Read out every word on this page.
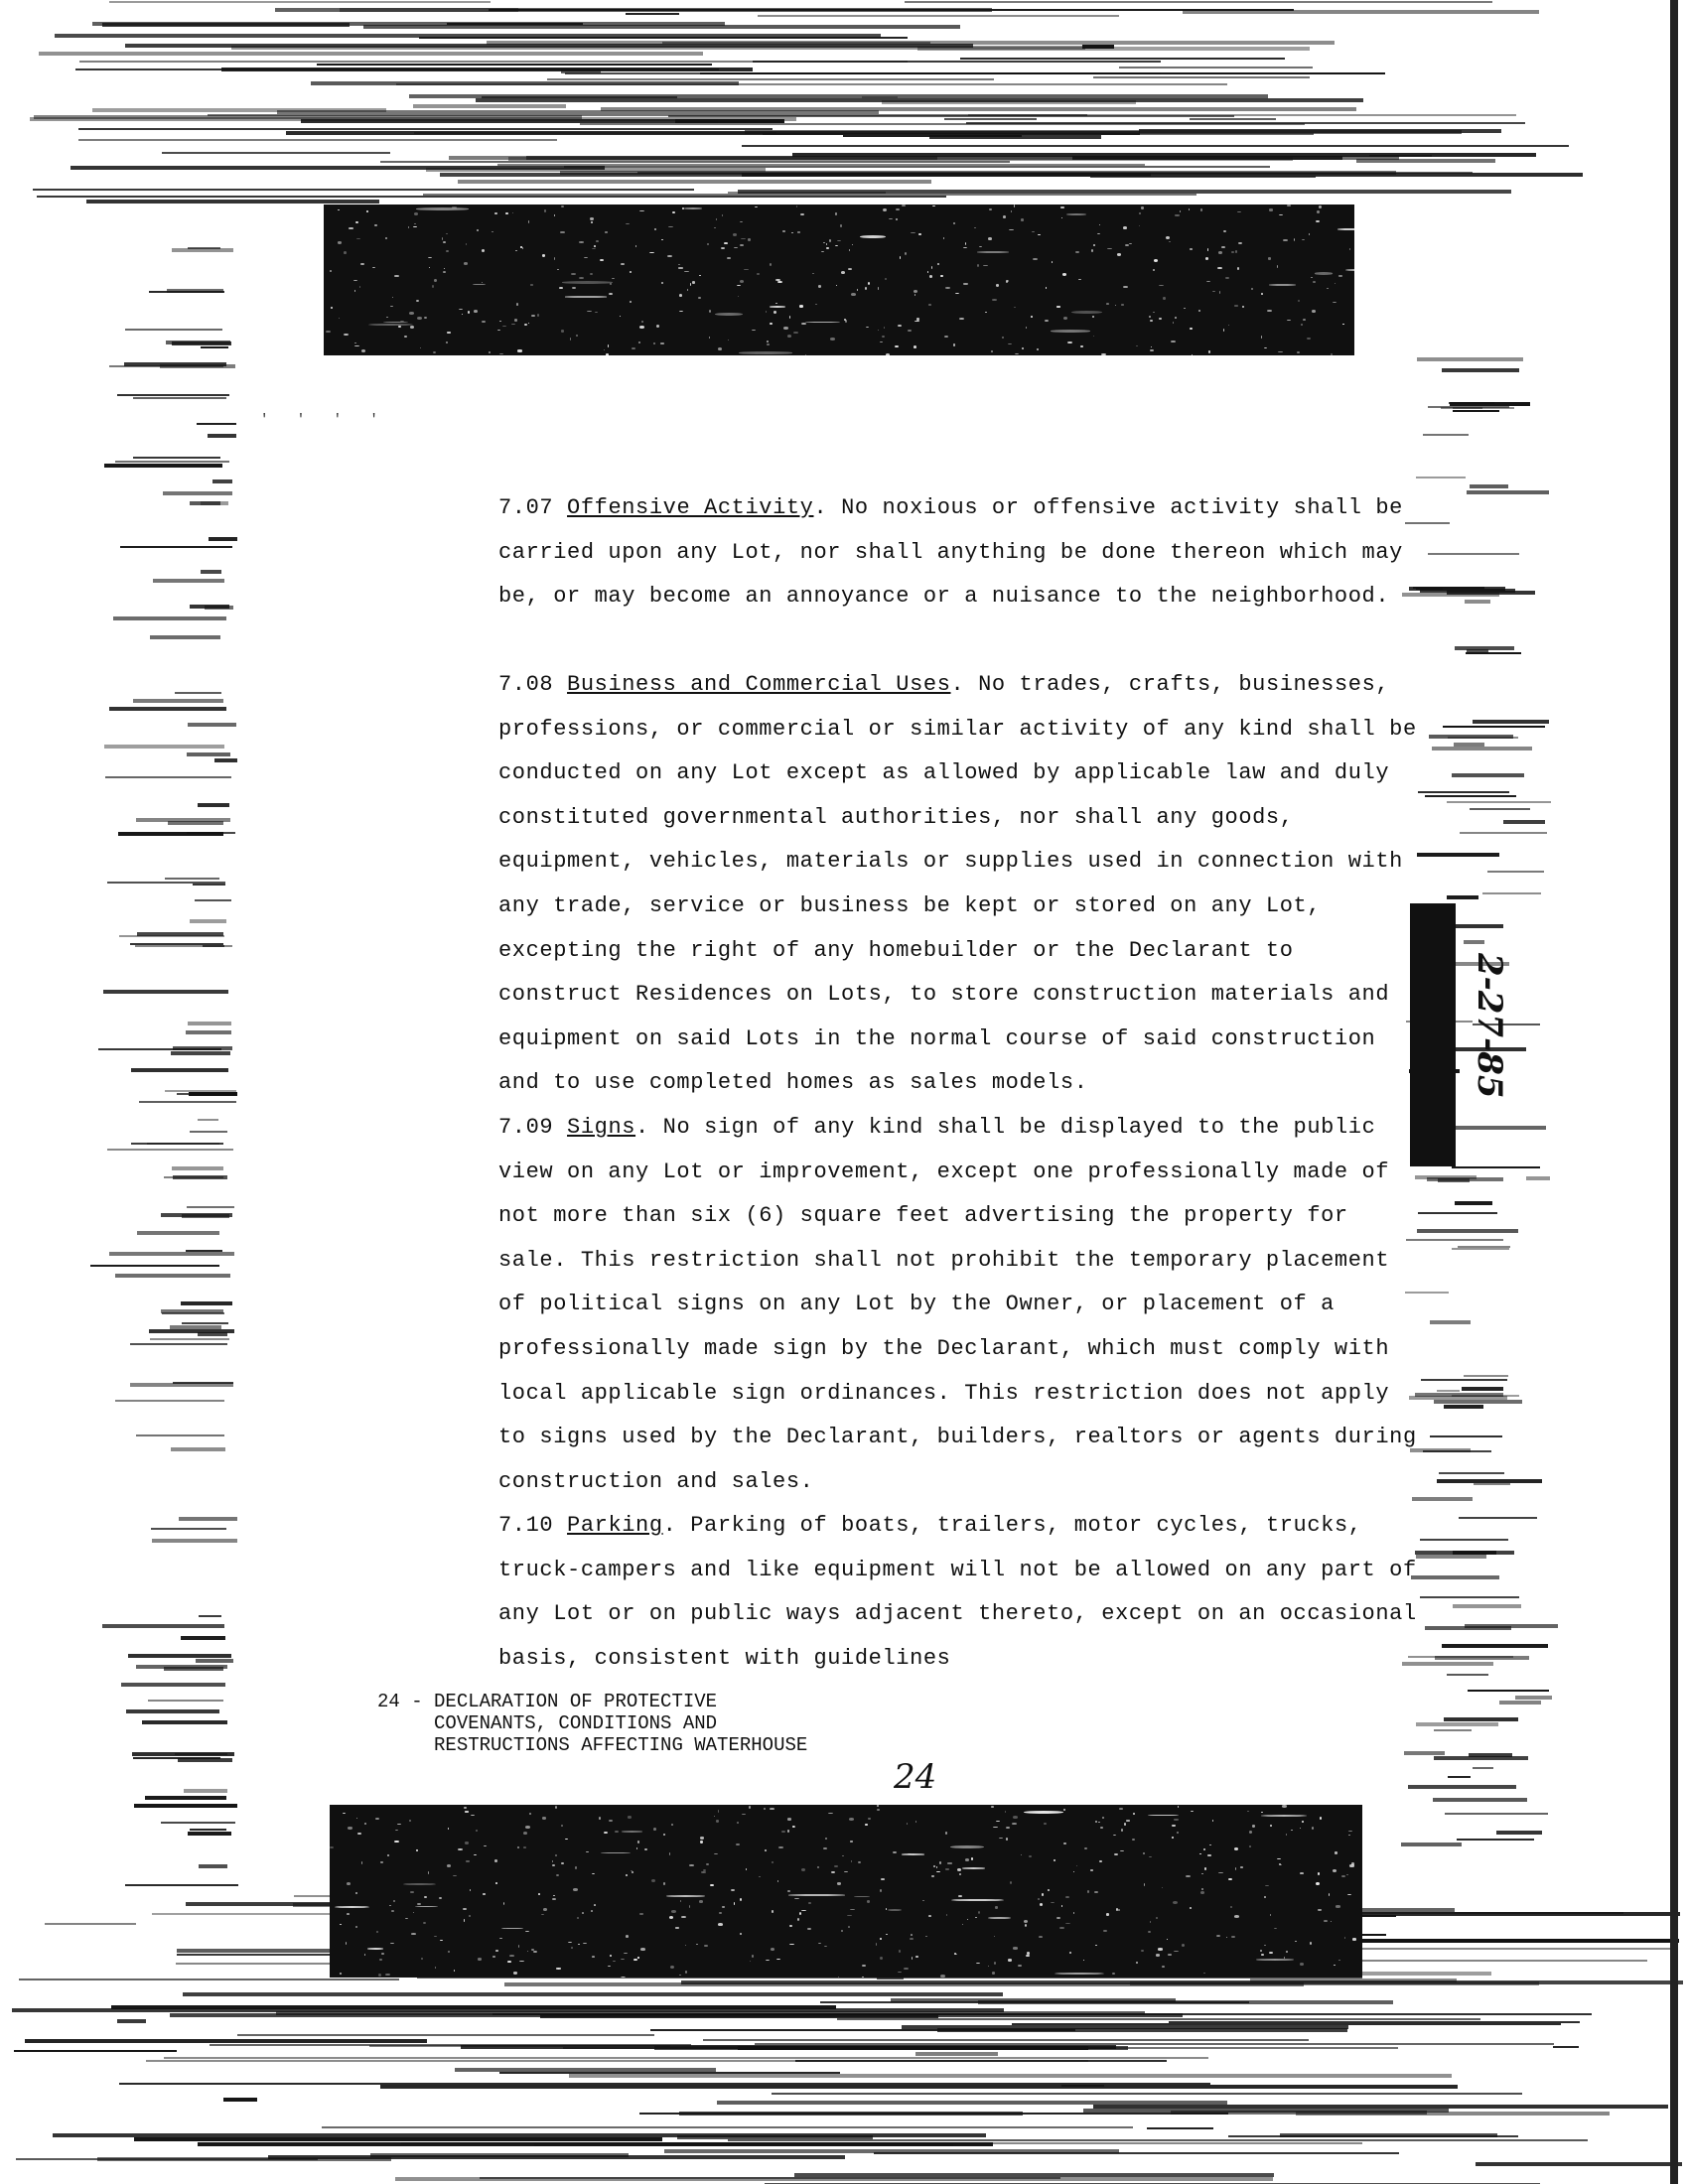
' ' ' '

7.07 Offensive Activity. No noxious or offensive activity shall be carried upon any Lot, nor shall anything be done thereon which may be, or may become an annoyance or a nuisance to the neighborhood.

7.08 Business and Commercial Uses. No trades, crafts, businesses, professions, or commercial or similar activity of any kind shall be conducted on any Lot except as allowed by applicable law and duly constituted governmental authorities, nor shall any goods, equipment, vehicles, materials or supplies used in connection with any trade, service or business be kept or stored on any Lot, excepting the right of any homebuilder or the Declarant to construct Residences on Lots, to store construction materials and equipment on said Lots in the normal course of said construction and to use completed homes as sales models.

7.09 Signs. No sign of any kind shall be displayed to the public view on any Lot or improvement, except one professionally made of not more than six (6) square feet advertising the property for sale. This restriction shall not prohibit the temporary placement of political signs on any Lot by the Owner, or placement of a professionally made sign by the Declarant, which must comply with local applicable sign ordinances. This restriction does not apply to signs used by the Declarant, builders, realtors or agents during construction and sales.

7.10 Parking. Parking of boats, trailers, motor cycles, trucks, truck-campers and like equipment will not be allowed on any part of any Lot or on public ways adjacent thereto, except on an occasional basis, consistent with guidelines

24 - DECLARATION OF PROTECTIVE
COVENANTS, CONDITIONS AND
RESTRUCTIONS AFFECTING WATERHOUSE
24
2-27-85
